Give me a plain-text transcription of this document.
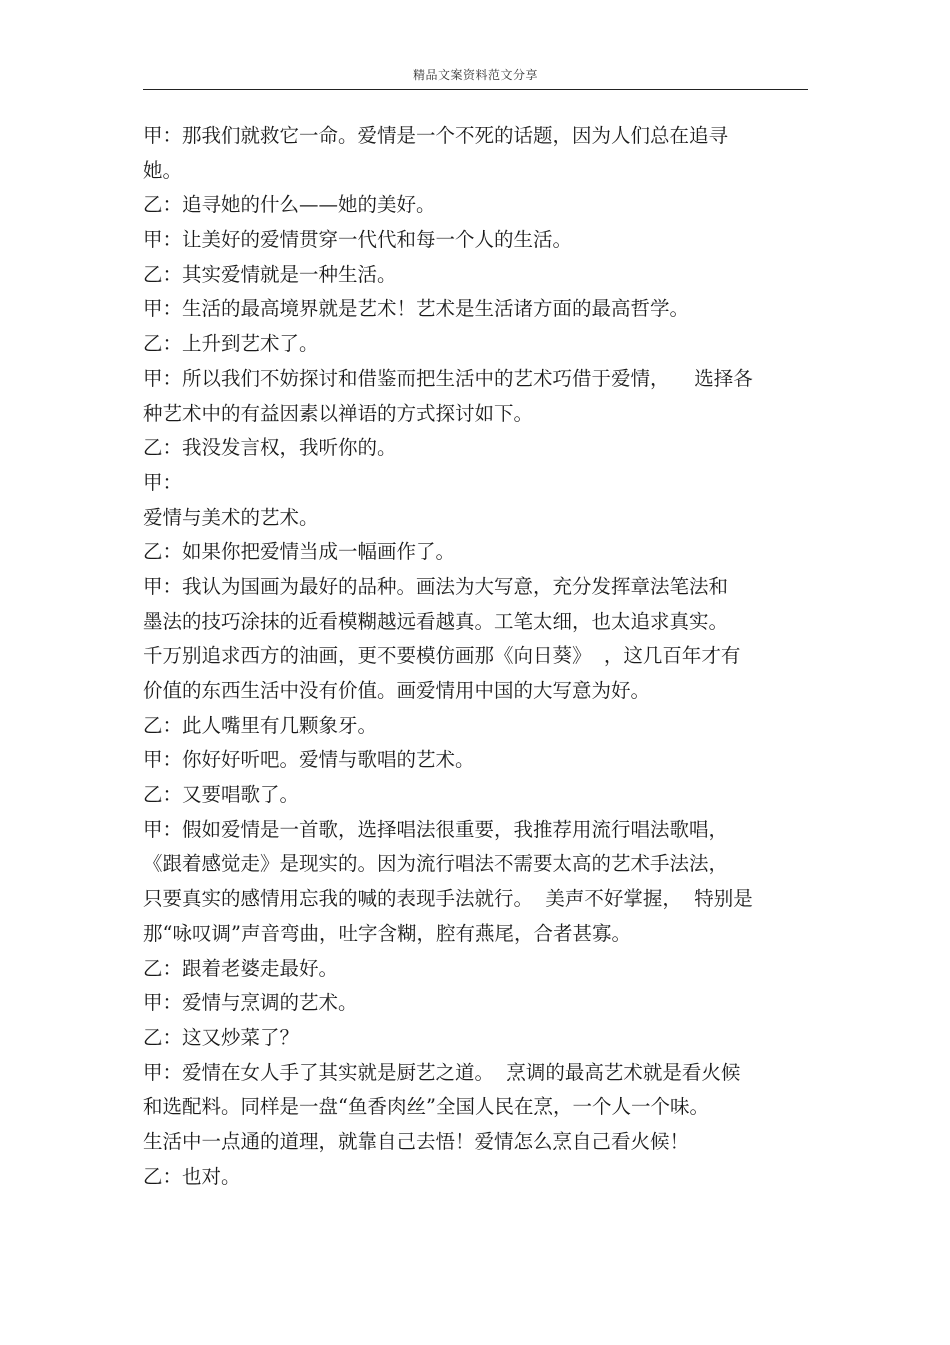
精品文案资料范文分享
甲：那我们就救它一命。爱情是一个不死的话题，因为人们总在追寻
她。
乙：追寻她的什么——她的美好。
甲：让美好的爱情贯穿一代代和每一个人的生活。
乙：其实爱情就是一种生活。
甲：生活的最高境界就是艺术！艺术是生活诸方面的最高哲学。
乙：上升到艺术了。
甲：所以我们不妨探讨和借鉴而把生活中的艺术巧借于爱情，    选择各
种艺术中的有益因素以禅语的方式探讨如下。
乙：我没发言权，我听你的。
甲：
爱情与美术的艺术。
乙：如果你把爱情当成一幅画作了。
甲：我认为国画为最好的品种。画法为大写意，充分发挥章法笔法和
墨法的技巧涂抹的近看模糊越远看越真。工笔太细，也太追求真实。
千万别追求西方的油画，更不要模仿画那《向日葵》  ，这几百年才有
价值的东西生活中没有价值。画爱情用中国的大写意为好。
乙：此人嘴里有几颗象牙。
甲：你好好听吧。爱情与歌唱的艺术。
乙：又要唱歌了。
甲：假如爱情是一首歌，选择唱法很重要，我推荐用流行唱法歌唱，
《跟着感觉走》是现实的。因为流行唱法不需要太高的艺术手法法，
只要真实的感情用忘我的喊的表现手法就行。  美声不好掌握，  特别是
那“咏叹调”声音弯曲，吐字含糊，腔有燕尾，合者甚寡。
乙：跟着老婆走最好。
甲：爱情与烹调的艺术。
乙：这又炒菜了？
甲：爱情在女人手了其实就是厨艺之道。  烹调的最高艺术就是看火候
和选配料。同样是一盘“鱼香肉丝”全国人民在烹，一个人一个味。
生活中一点通的道理，就靠自己去悟！爱情怎么烹自己看火候！
乙：也对。
